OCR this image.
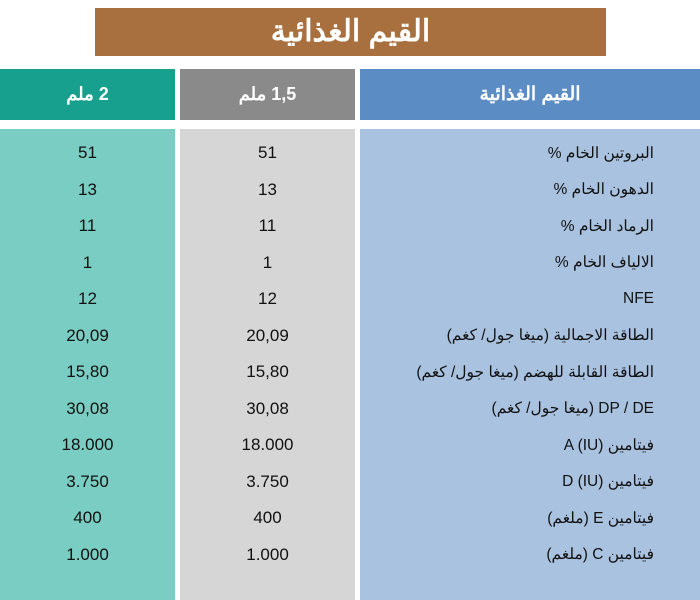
القيم الغذائية
القيم الغذائية
البروتين الخام %
الدهون الخام %
الرماد الخام %
الالياف الخام %
NFE
الطاقة الاجمالية (ميغا جول/ كغم)
الطاقة القابلة للهضم (ميغا جول/ كغم)
DP / DE (ميغا جول/ كغم)
فيتامين A (IU)
فيتامين D (IU)
فيتامين E (ملغم)
فيتامين C (ملغم)
1,5 ملم
51
13
11
1
12
20,09
15,80
30,08
18.000
3.750
400
1.000
2 ملم
51
13
11
1
12
20,09
15,80
30,08
18.000
3.750
400
1.000
